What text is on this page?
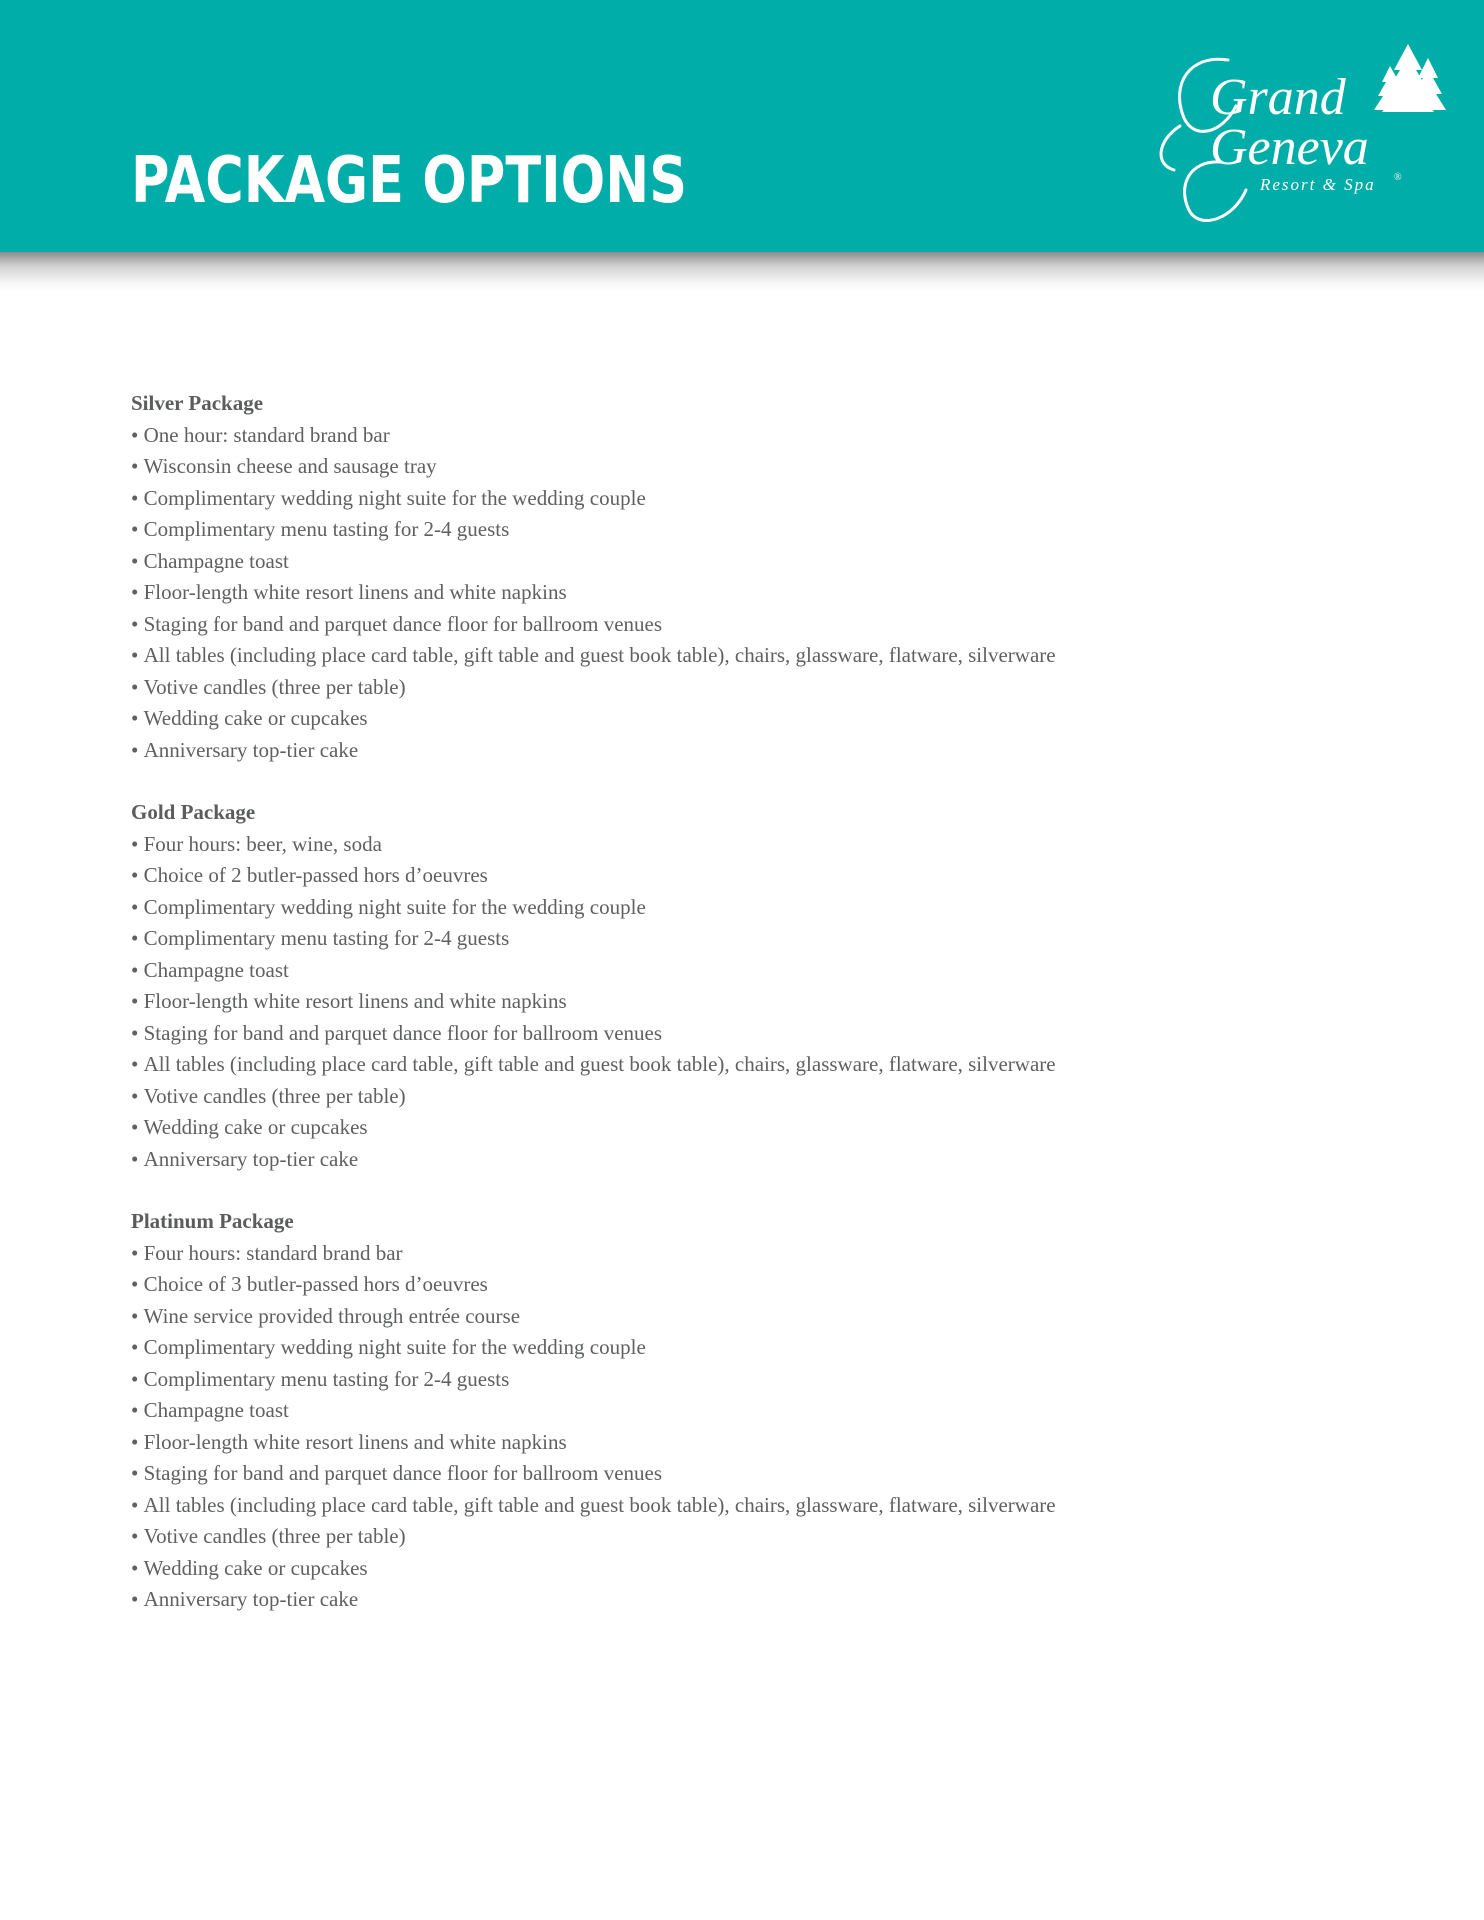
PACKAGE OPTIONS
Grand
Geneva
Resort & Spa ®
Silver Package
• One hour: standard brand bar
• Wisconsin cheese and sausage tray
• Complimentary wedding night suite for the wedding couple
• Complimentary menu tasting for 2-4 guests
• Champagne toast
• Floor-length white resort linens and white napkins
• Staging for band and parquet dance floor for ballroom venues
• All tables (including place card table, gift table and guest book table), chairs, glassware, flatware, silverware
• Votive candles (three per table)
• Wedding cake or cupcakes
• Anniversary top-tier cake
Gold Package
• Four hours: beer, wine, soda
• Choice of 2 butler-passed hors d’oeuvres
• Complimentary wedding night suite for the wedding couple
• Complimentary menu tasting for 2-4 guests
• Champagne toast
• Floor-length white resort linens and white napkins
• Staging for band and parquet dance floor for ballroom venues
• All tables (including place card table, gift table and guest book table), chairs, glassware, flatware, silverware
• Votive candles (three per table)
• Wedding cake or cupcakes
• Anniversary top-tier cake
Platinum Package
• Four hours: standard brand bar
• Choice of 3 butler-passed hors d’oeuvres
• Wine service provided through entrée course
• Complimentary wedding night suite for the wedding couple
• Complimentary menu tasting for 2-4 guests
• Champagne toast
• Floor-length white resort linens and white napkins
• Staging for band and parquet dance floor for ballroom venues
• All tables (including place card table, gift table and guest book table), chairs, glassware, flatware, silverware
• Votive candles (three per table)
• Wedding cake or cupcakes
• Anniversary top-tier cake
